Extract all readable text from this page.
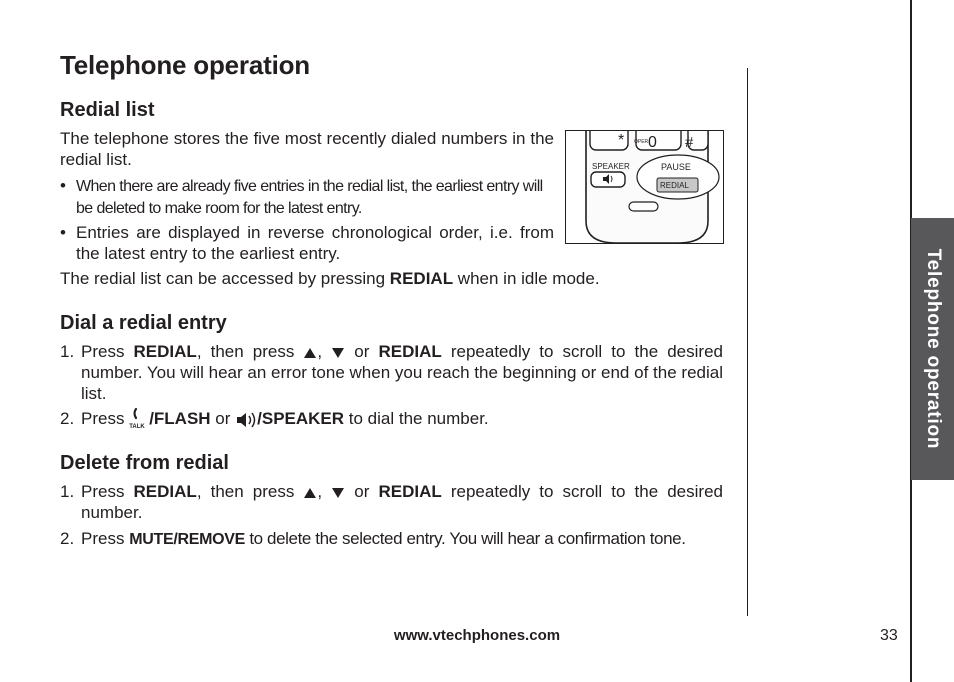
Telephone operation
Telephone operation
Redial list

The telephone stores the five most recently dialed numbers in the redial list.

• When there are already five entries in the redial list, the earliest entry will be deleted to make room for the latest entry.
• Entries are displayed in reverse chronological order, i.e. from the latest entry to the earliest entry.

The redial list can be accessed by pressing REDIAL when in idle mode.

* OPER 0 #
SPEAKER	PAUSE
REDIAL
Dial a redial entry
1. Press REDIAL, then press ,  or REDIAL repeatedly to scroll to the desired number. You will hear an error tone when you reach the beginning or end of the redial list.
2. Press TALK /FLASH or /SPEAKER to dial the number.
Delete from redial
1. Press REDIAL, then press ,  or REDIAL repeatedly to scroll to the desired number.
2. Press MUTE/REMOVE to delete the selected entry. You will hear a confirmation tone.
www.vtechphones.com	33
